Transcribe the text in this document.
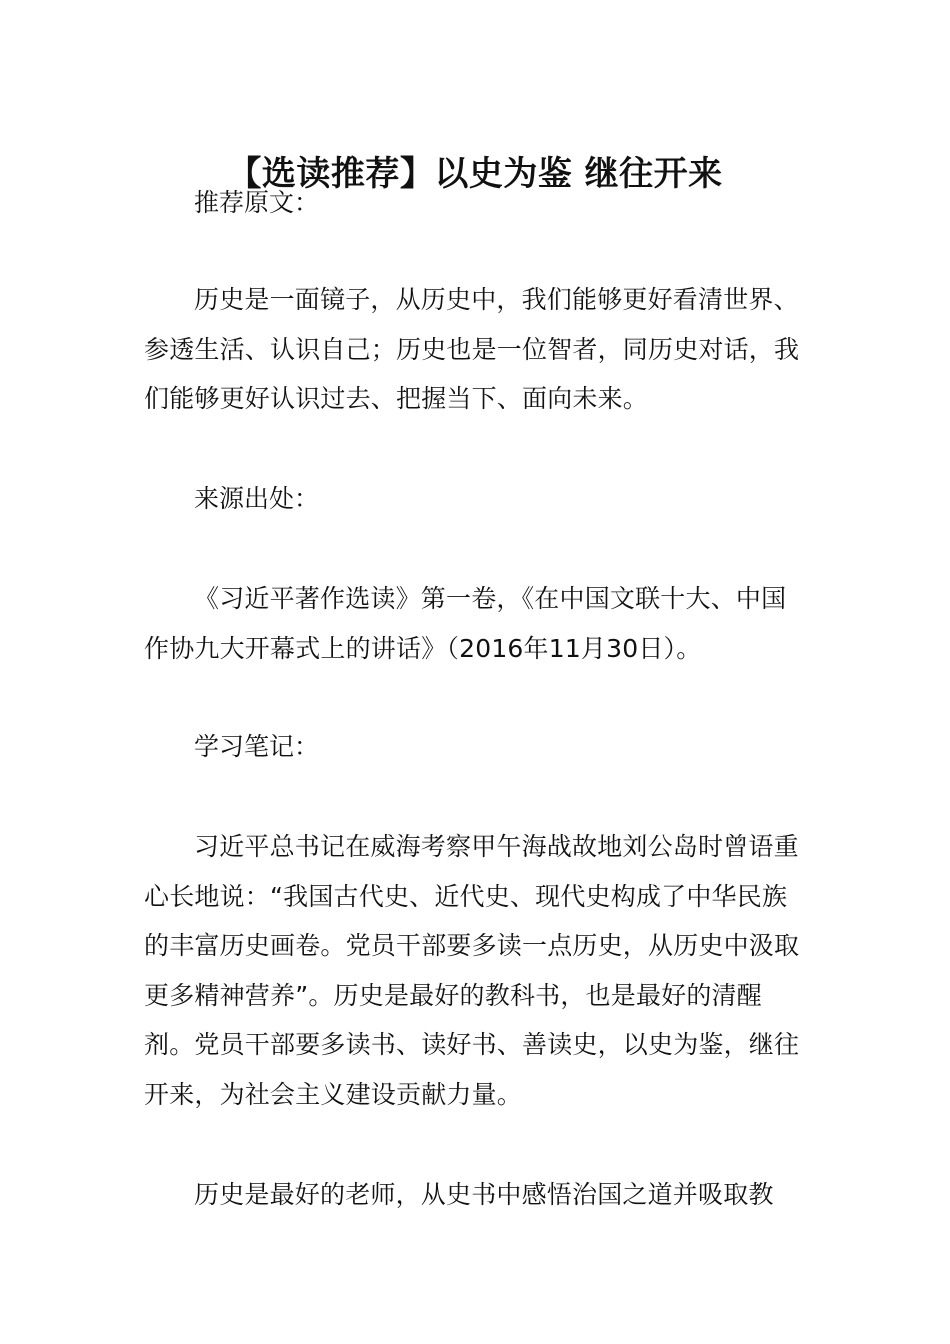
【选读推荐】以史为鉴 继往开来

推荐原文：

历史是一面镜子，从历史中，我们能够更好看清世界、参透生活、认识自己；历史也是一位智者，同历史对话，我们能够更好认识过去、把握当下、面向未来。

来源出处：

《习近平著作选读》第一卷，《在中国文联十大、中国作协九大开幕式上的讲话》（2016年11月30日）。

学习笔记：

习近平总书记在威海考察甲午海战故地刘公岛时曾语重心长地说：“我国古代史、近代史、现代史构成了中华民族的丰富历史画卷。党员干部要多读一点历史，从历史中汲取更多精神营养”。历史是最好的教科书，也是最好的清醒剂。党员干部要多读书、读好书、善读史，以史为鉴，继往开来，为社会主义建设贡献力量。

历史是最好的老师，从史书中感悟治国之道并吸取教
